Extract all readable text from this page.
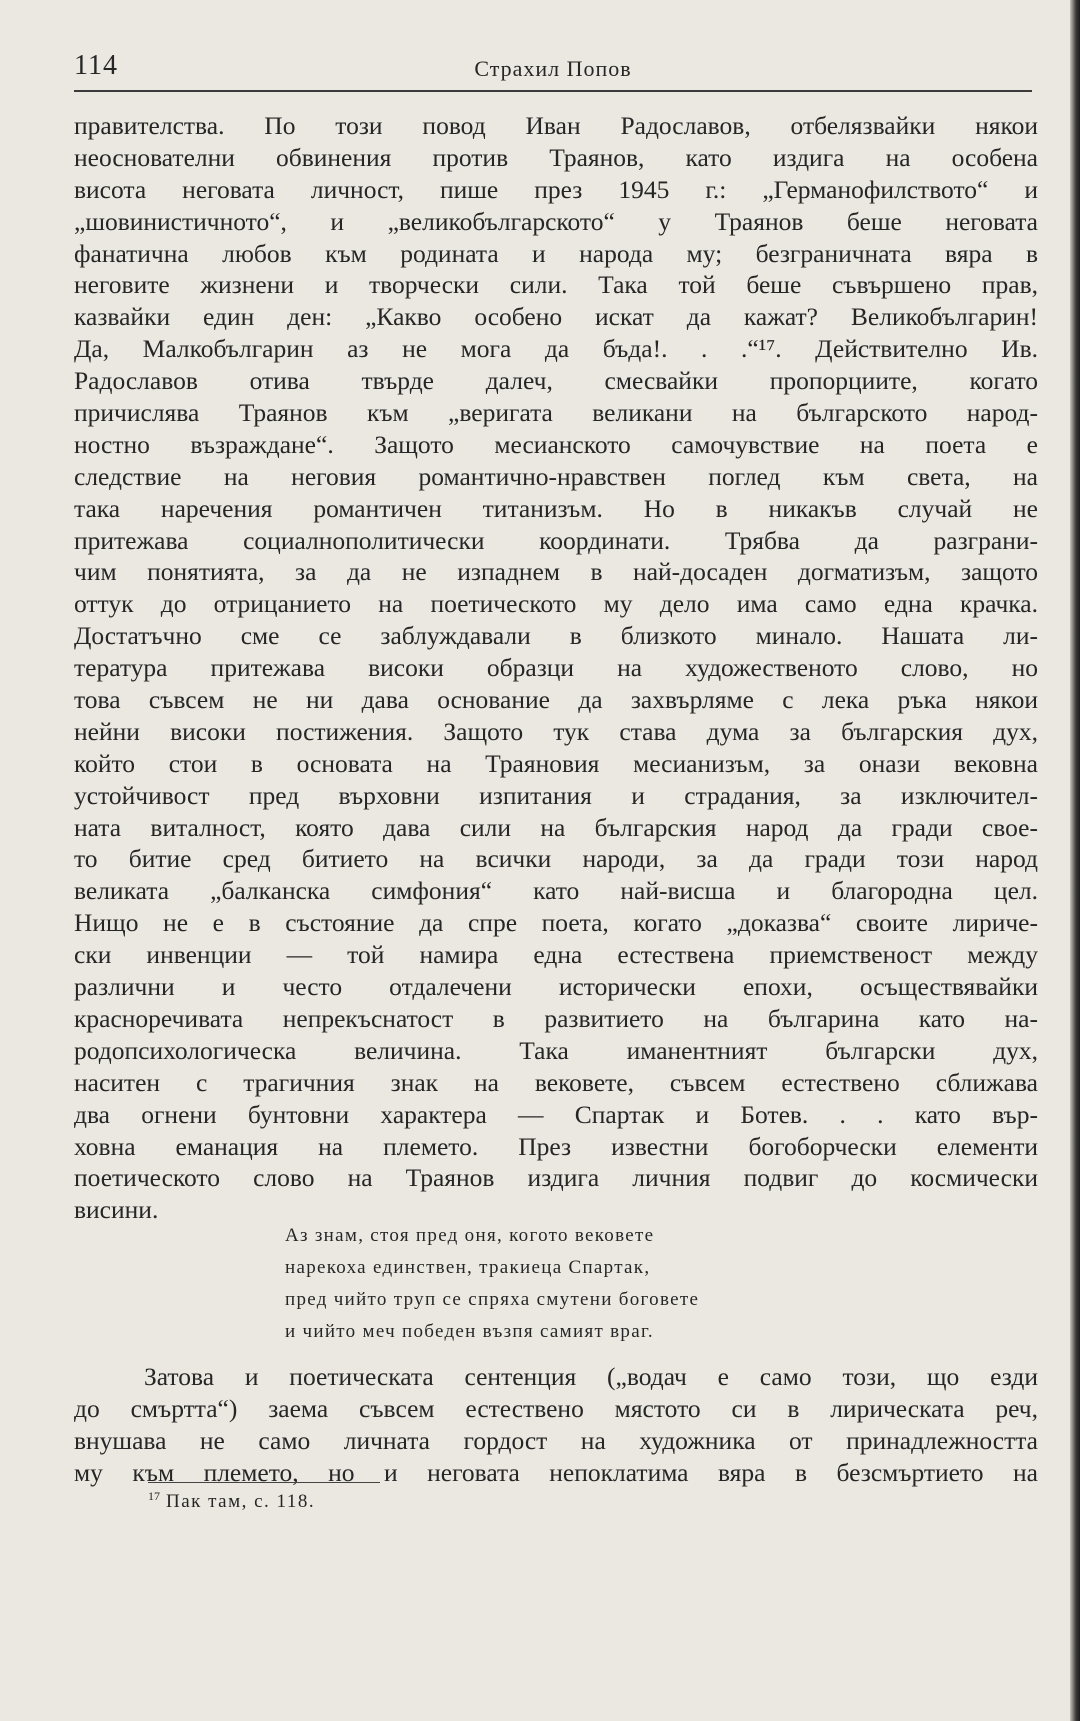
114	Страхил Попов
правителства. По този повод Иван Радославов, отбелязвайки някои
неоснователни обвинения против Траянов, като издига на особена
висота неговата личност, пише през 1945 г.: „Германофилството“ и
„шовинистичното“, и „великобългарското“ у Траянов беше неговата
фанатична любов към родината и народа му; безграничната вяра в
неговите жизнени и творчески сили. Така той беше съвършено прав,
казвайки един ден: „Какво особено искат да кажат? Великобългарин!
Да, Малкобългарин аз не мога да бъда!. . .“¹⁷. Действително Ив.
Радославов отива твърде далеч, смесвайки пропорциите, когато
причислява Траянов към „веригата великани на българското народ-
ностно възраждане“. Защото месианското самочувствие на поета е
следствие на неговия романтично-нравствен поглед към света, на
така наречения романтичен титанизъм. Но в никакъв случай не
притежава социалнополитически координати. Трябва да разграни-
чим понятията, за да не изпаднем в най-досаден догматизъм, защото
оттук до отрицанието на поетическото му дело има само една крачка.
Достатъчно сме се заблуждавали в близкото минало. Нашата ли-
тература притежава високи образци на художественото слово, но
това съвсем не ни дава основание да захвърляме с лека ръка някои
нейни високи постижения. Защото тук става дума за българския дух,
който стои в основата на Траяновия месианизъм, за онази вековна
устойчивост пред върховни изпитания и страдания, за изключител-
ната виталност, която дава сили на българския народ да гради свое-
то битие сред битието на всички народи, за да гради този народ
великата „балканска симфония“ като най-висша и благородна цел.
Нищо не е в състояние да спре поета, когато „доказва“ своите лириче-
ски инвенции — той намира една естествена приемственост между
различни и често отдалечени исторически епохи, осъществявайки
красноречивата непрекъснатост в развитието на българина като на-
родопсихологическа величина. Така иманентният български дух,
наситен с трагичния знак на вековете, съвсем естествено сближава
два огнени бунтовни характера — Спартак и Ботев. . . като вър-
ховна еманация на племето. През известни богоборчески елементи
поетическото слово на Траянов издига личния подвиг до космически
висини.
Аз знам, стоя пред оня, когото вековете
нарекоха единствен, тракиеца Спартак,
пред чийто труп се спряха смутени боговете
и чийто меч победен възпя самият враг.
Затова и поетическата сентенция („водач е само този, що езди
до смъртта“) заема съвсем естествено мястото си в лирическата реч,
внушава не само личната гордост на художника от принадлежността
му към племето, но и неговата непоклатима вяра в безсмъртието на
$^{17}$ Пак там, с. 118.
